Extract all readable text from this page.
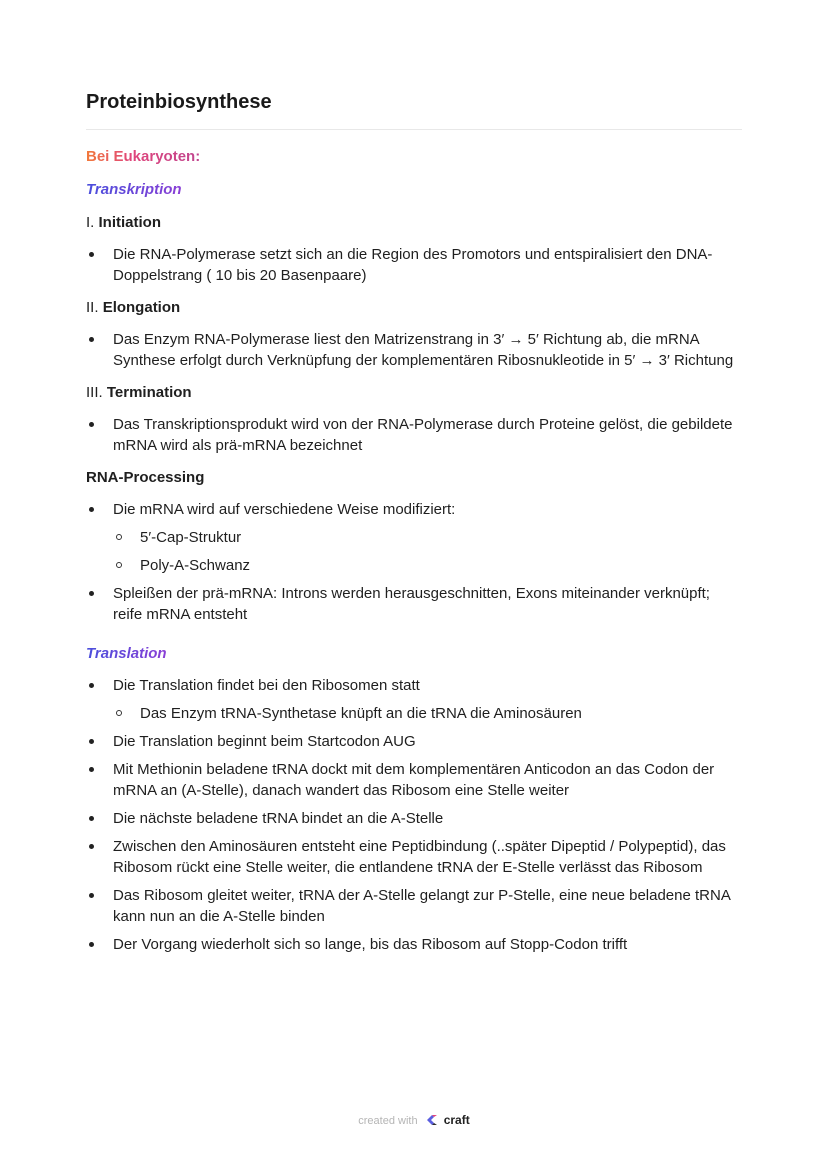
Proteinbiosynthese
Bei Eukaryoten:
Transkription
I. Initiation
Die RNA-Polymerase setzt sich an die Region des Promotors und entspiralisiert den DNA-Doppelstrang ( 10 bis 20 Basenpaare)
II. Elongation
Das Enzym RNA-Polymerase liest den Matrizenstrang in 3′ → 5′ Richtung ab, die mRNA Synthese erfolgt durch Verknüpfung der komplementären Ribosnukleotide in 5′ → 3′ Richtung
III. Termination
Das Transkriptionsprodukt wird von der RNA-Polymerase durch Proteine gelöst, die gebildete mRNA wird als prä-mRNA bezeichnet
RNA-Processing
Die mRNA wird auf verschiedene Weise modifiziert:
5′-Cap-Struktur
Poly-A-Schwanz
Spleißen der prä-mRNA: Introns werden herausgeschnitten, Exons miteinander verknüpft; reife mRNA entsteht
Translation
Die Translation findet bei den Ribosomen statt
Das Enzym tRNA-Synthetase knüpft an die tRNA die Aminosäuren
Die Translation beginnt beim Startcodon AUG
Mit Methionin beladene tRNA dockt mit dem komplementären Anticodon an das Codon der mRNA an (A-Stelle), danach wandert das Ribosom eine Stelle weiter
Die nächste beladene tRNA bindet an die A-Stelle
Zwischen den Aminosäuren entsteht eine Peptidbindung (..später Dipeptid / Polypeptid), das Ribosom rückt eine Stelle weiter, die entlandene tRNA der E-Stelle verlässt das Ribosom
Das Ribosom gleitet weiter, tRNA der A-Stelle gelangt zur P-Stelle, eine neue beladene tRNA kann nun an die A-Stelle binden
Der Vorgang wiederholt sich so lange, bis das Ribosom auf Stopp-Codon trifft
created with craft
